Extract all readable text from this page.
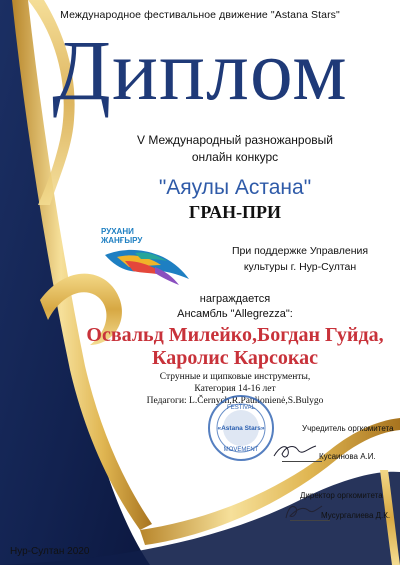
Международное фестивальное движение "Astana Stars"
Диплом
V Международный разножанровый
онлайн конкурс
"Аяулы Астана"
ГРАН-ПРИ
РУХАНИ
ЖАНҒЫРУ
При поддержке Управления
культуры г. Нур-Султан
награждается
Ансамбль "Allegrezza":
Освальд Милейко,Богдан Гуйда,
Каролис Карсокас
Струнные и щипковые инструменты,
Категория 14-16 лет
Педагоги: L.Černych,R.Paulionienė,S.Bulygo
FESTIVAL
«Astana Stars»
MOVEMENT
Учредитель оргкомитета
Кусаинова А.И.
Директор оргкомитета
Мусургалиева Д.К.
Нур-Султан 2020
